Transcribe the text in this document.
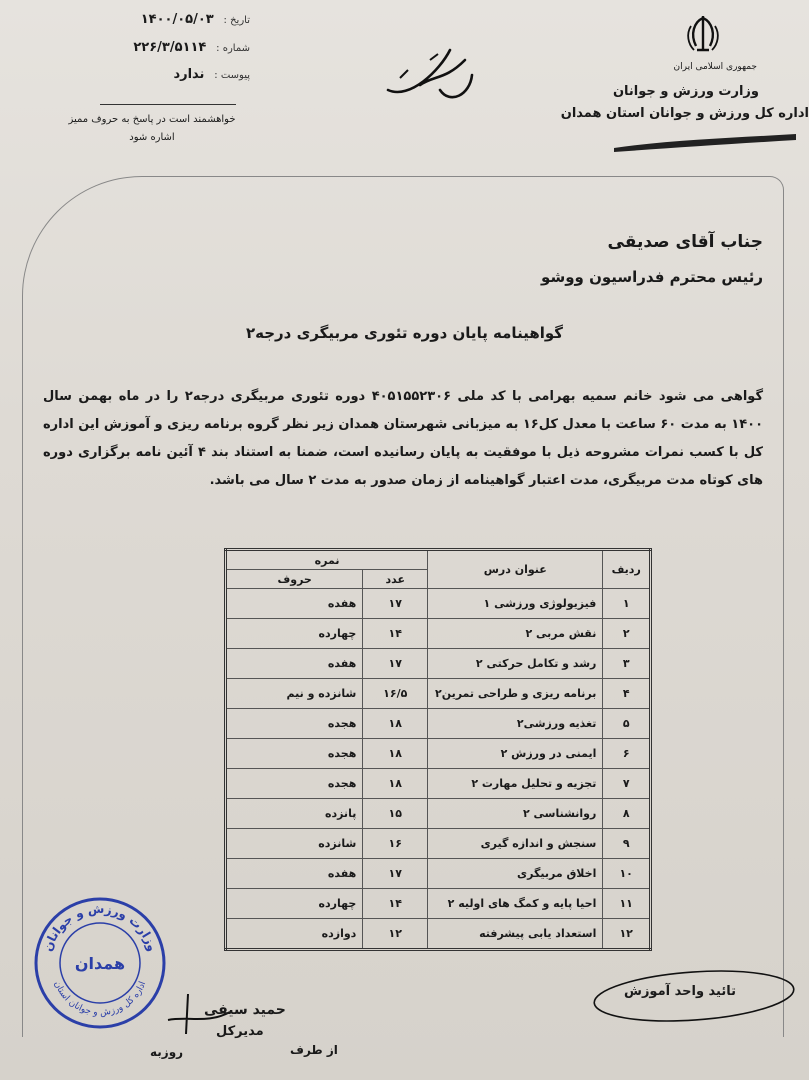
تاریخ : ۱۴۰۰/۰۵/۰۳
شماره : ۲۲۶/۳/۵۱۱۴
پیوست : ندارد
خواهشمند است در پاسخ به حروف ممیز اشاره شود
جمهوری اسلامی ایران
وزارت ورزش و جوانان
اداره کل ورزش و جوانان استان همدان
جناب آقای صدیقی
رئیس محترم فدراسیون ووشو
گواهینامه پایان دوره تئوری مربیگری درجه۲
گواهی می شود خانم سمیه بهرامی با کد ملی ۴۰۵۱۵۵۲۳۰۶ دوره تئوری مربیگری درجه۲ را در ماه بهمن سال ۱۴۰۰ به مدت ۶۰ ساعت با معدل کل۱۶ به میزبانی شهرستان همدان زیر نظر گروه برنامه ریزی و آموزش این اداره کل با کسب نمرات مشروحه ذیل با موفقیت به پایان رسانیده است، ضمنا به استناد بند ۴ آئین نامه برگزاری دوره های کوتاه مدت مربیگری، مدت اعتبار گواهینامه از زمان صدور به مدت ۲ سال می باشد.
ردیف	عنوان درس	نمره	
		عدد	حروف
۱	فیزیولوژی ورزشی ۱	۱۷	هفده
۲	نقش مربی ۲	۱۴	چهارده
۳	رشد و تکامل حرکتی ۲	۱۷	هفده
۴	برنامه ریزی و طراحی تمرین۲	۱۶/۵	شانزده و نیم
۵	تغذیه ورزشی۲	۱۸	هجده
۶	ایمنی در ورزش ۲	۱۸	هجده
۷	تجزیه و تحلیل مهارت ۲	۱۸	هجده
۸	روانشناسی ۲	۱۵	پانزده
۹	سنجش و اندازه گیری	۱۶	شانزده
۱۰	اخلاق مربیگری	۱۷	هفده
۱۱	احیا پایه و کمگ های اولیه ۲	۱۴	چهارده
۱۲	استعداد یابی پیشرفته	۱۲	دوازده
وزارت ورزش و جوانان
همدان
اداره کل ورزش و جوانان استان
حمید سیفی
مدیرکل
از طرف
روزبه
تائید واحد آموزش
